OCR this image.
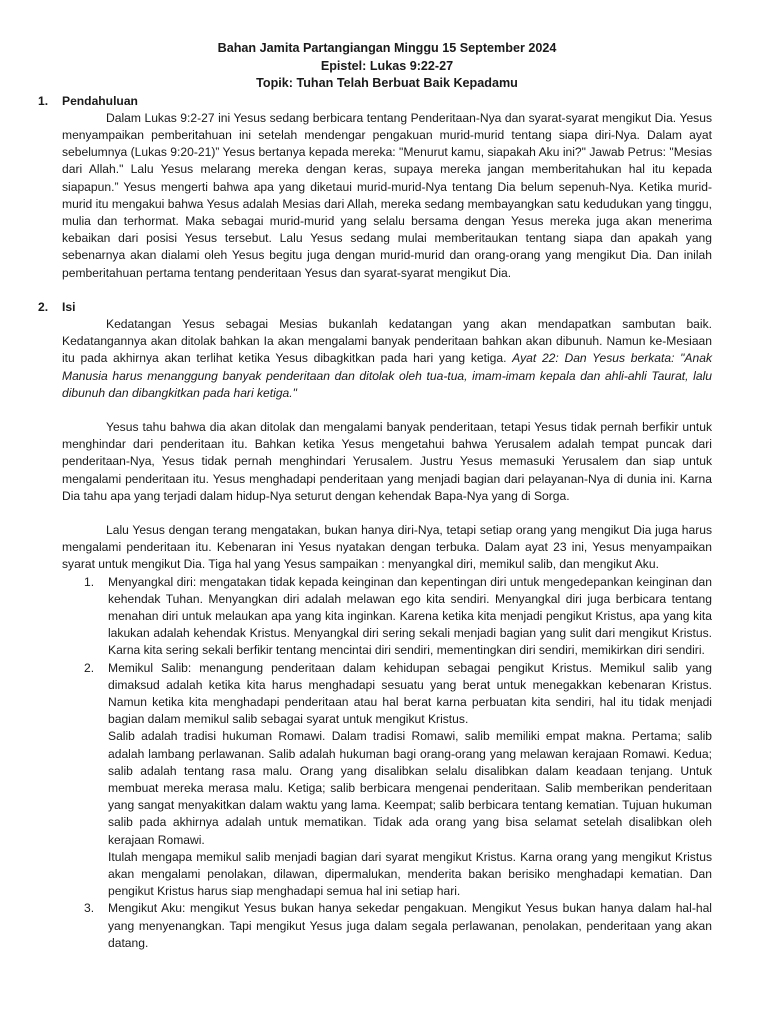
Bahan Jamita Partangiangan Minggu 15 September 2024
Epistel: Lukas 9:22-27
Topik: Tuhan Telah Berbuat Baik Kepadamu
1. Pendahuluan

Dalam Lukas 9:2-27 ini Yesus sedang berbicara tentang Penderitaan-Nya dan syarat-syarat mengikut Dia. Yesus menyampaikan pemberitahuan ini setelah mendengar pengakuan murid-murid tentang siapa diri-Nya. Dalam ayat sebelumnya (Lukas 9:20-21)” Yesus bertanya kepada mereka: "Menurut kamu, siapakah Aku ini?" Jawab Petrus: "Mesias dari Allah." Lalu Yesus melarang mereka dengan keras, supaya mereka jangan memberitahukan hal itu kepada siapapun.” Yesus mengerti bahwa apa yang diketaui murid-murid-Nya tentang Dia belum sepenuh-Nya. Ketika murid-murid itu mengakui bahwa Yesus adalah Mesias dari Allah, mereka sedang membayangkan satu kedudukan yang tinggu, mulia dan terhormat. Maka sebagai murid-murid yang selalu bersama dengan Yesus mereka juga akan menerima kebaikan dari posisi Yesus tersebut. Lalu Yesus sedang mulai memberitaukan tentang siapa dan apakah yang sebenarnya akan dialami oleh Yesus begitu juga dengan murid-murid dan orang-orang yang mengikut Dia. Dan inilah pemberitahuan pertama tentang penderitaan Yesus dan syarat-syarat mengikut Dia.

2. Isi

Kedatangan Yesus sebagai Mesias bukanlah kedatangan yang akan mendapatkan sambutan baik. Kedatangannya akan ditolak bahkan Ia akan mengalami banyak penderitaan bahkan akan dibunuh. Namun ke-Mesiaan itu pada akhirnya akan terlihat ketika Yesus dibagkitkan pada hari yang ketiga. Ayat 22: Dan Yesus berkata: "Anak Manusia harus menanggung banyak penderitaan dan ditolak oleh tua-tua, imam-imam kepala dan ahli-ahli Taurat, lalu dibunuh dan dibangkitkan pada hari ketiga."

Yesus tahu bahwa dia akan ditolak dan mengalami banyak penderitaan, tetapi Yesus tidak pernah berfikir untuk menghindar dari penderitaan itu. Bahkan ketika Yesus mengetahui bahwa Yerusalem adalah tempat puncak dari penderitaan-Nya, Yesus tidak pernah menghindari Yerusalem. Justru Yesus memasuki Yerusalem dan siap untuk mengalami penderitaan itu. Yesus menghadapi penderitaan yang menjadi bagian dari pelayanan-Nya di dunia ini. Karna Dia tahu apa yang terjadi dalam hidup-Nya seturut dengan kehendak Bapa-Nya yang di Sorga.

Lalu Yesus dengan terang mengatakan, bukan hanya diri-Nya, tetapi setiap orang yang mengikut Dia juga harus mengalami penderitaan itu. Kebenaran ini Yesus nyatakan dengan terbuka. Dalam ayat 23 ini, Yesus menyampaikan syarat untuk mengikut Dia. Tiga hal yang Yesus sampaikan : menyangkal diri, memikul salib, dan mengikut Aku.

1. Menyangkal diri: mengatakan tidak kepada keinginan dan kepentingan diri untuk mengedepankan keinginan dan kehendak Tuhan. Menyangkan diri adalah melawan ego kita sendiri. Menyangkal diri juga berbicara tentang menahan diri untuk melaukan apa yang kita inginkan. Karena ketika kita menjadi pengikut Kristus, apa yang kita lakukan adalah kehendak Kristus. Menyangkal diri sering sekali menjadi bagian yang sulit dari mengikut Kristus. Karna kita sering sekali berfikir tentang mencintai diri sendiri, mementingkan diri sendiri, memikirkan diri sendiri.

2. Memikul Salib: menangung penderitaan dalam kehidupan sebagai pengikut Kristus. Memikul salib yang dimaksud adalah ketika kita harus menghadapi sesuatu yang berat untuk menegakkan kebenaran Kristus. Namun ketika kita menghadapi penderitaan atau hal berat karna perbuatan kita sendiri, hal itu tidak menjadi bagian dalam memikul salib sebagai syarat untuk mengikut Kristus.

Salib adalah tradisi hukuman Romawi. Dalam tradisi Romawi, salib memiliki empat makna. Pertama; salib adalah lambang perlawanan. Salib adalah hukuman bagi orang-orang yang melawan kerajaan Romawi. Kedua; salib adalah tentang rasa malu. Orang yang disalibkan selalu disalibkan dalam keadaan tenjang. Untuk membuat mereka merasa malu. Ketiga; salib berbicara mengenai penderitaan. Salib memberikan penderitaan yang sangat menyakitkan dalam waktu yang lama. Keempat; salib berbicara tentang kematian. Tujuan hukuman salib pada akhirnya adalah untuk mematikan. Tidak ada orang yang bisa selamat setelah disalibkan oleh kerajaan Romawi.

Itulah mengapa memikul salib menjadi bagian dari syarat mengikut Kristus. Karna orang yang mengikut Kristus akan mengalami penolakan, dilawan, dipermalukan, menderita bakan berisiko menghadapi kematian. Dan pengikut Kristus harus siap menghadapi semua hal ini setiap hari.

3. Mengikut Aku: mengikut Yesus bukan hanya sekedar pengakuan. Mengikut Yesus bukan hanya dalam hal-hal yang menyenangkan. Tapi mengikut Yesus juga dalam segala perlawanan, penolakan, penderitaan yang akan datang.
